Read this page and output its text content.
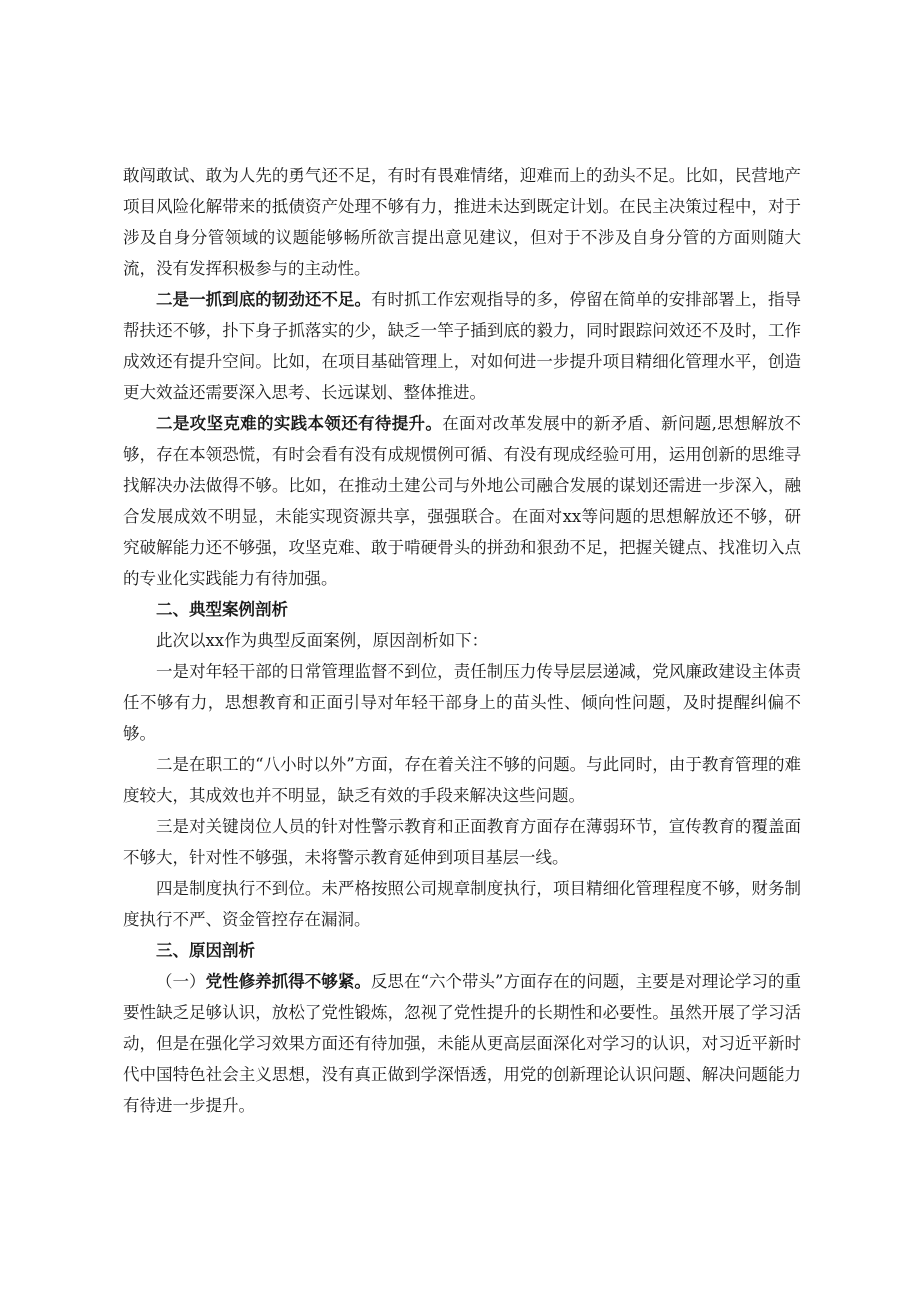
敢闯敢试、敢为人先的勇气还不足，有时有畏难情绪，迎难而上的劲头不足。比如，民营地产项目风险化解带来的抵债资产处理不够有力，推进未达到既定计划。在民主决策过程中，对于涉及自身分管领域的议题能够畅所欲言提出意见建议，但对于不涉及自身分管的方面则随大流，没有发挥积极参与的主动性。

二是一抓到底的韧劲还不足。有时抓工作宏观指导的多，停留在简单的安排部署上，指导帮扶还不够，扑下身子抓落实的少，缺乏一竿子插到底的毅力，同时跟踪问效还不及时，工作成效还有提升空间。比如，在项目基础管理上，对如何进一步提升项目精细化管理水平，创造更大效益还需要深入思考、长远谋划、整体推进。

二是攻坚克难的实践本领还有待提升。在面对改革发展中的新矛盾、新问题,思想解放不够，存在本领恐慌，有时会看有没有成规惯例可循、有没有现成经验可用，运用创新的思维寻找解决办法做得不够。比如，在推动土建公司与外地公司融合发展的谋划还需进一步深入，融合发展成效不明显，未能实现资源共享，强强联合。在面对xx等问题的思想解放还不够，研究破解能力还不够强，攻坚克难、敢于啃硬骨头的拼劲和狠劲不足，把握关键点、找准切入点的专业化实践能力有待加强。

二、典型案例剖析

此次以xx作为典型反面案例，原因剖析如下：

一是对年轻干部的日常管理监督不到位，责任制压力传导层层递减，党风廉政建设主体责任不够有力，思想教育和正面引导对年轻干部身上的苗头性、倾向性问题，及时提醒纠偏不够。

二是在职工的“八小时以外”方面，存在着关注不够的问题。与此同时，由于教育管理的难度较大，其成效也并不明显，缺乏有效的手段来解决这些问题。

三是对关键岗位人员的针对性警示教育和正面教育方面存在薄弱环节，宣传教育的覆盖面不够大，针对性不够强，未将警示教育延伸到项目基层一线。

四是制度执行不到位。未严格按照公司规章制度执行，项目精细化管理程度不够，财务制度执行不严、资金管控存在漏洞。

三、原因剖析

（一）党性修养抓得不够紧。反思在“六个带头”方面存在的问题，主要是对理论学习的重要性缺乏足够认识，放松了党性锻炼，忽视了党性提升的长期性和必要性。虽然开展了学习活动，但是在强化学习效果方面还有待加强，未能从更高层面深化对学习的认识，对习近平新时代中国特色社会主义思想，没有真正做到学深悟透，用党的创新理论认识问题、解决问题能力有待进一步提升。
